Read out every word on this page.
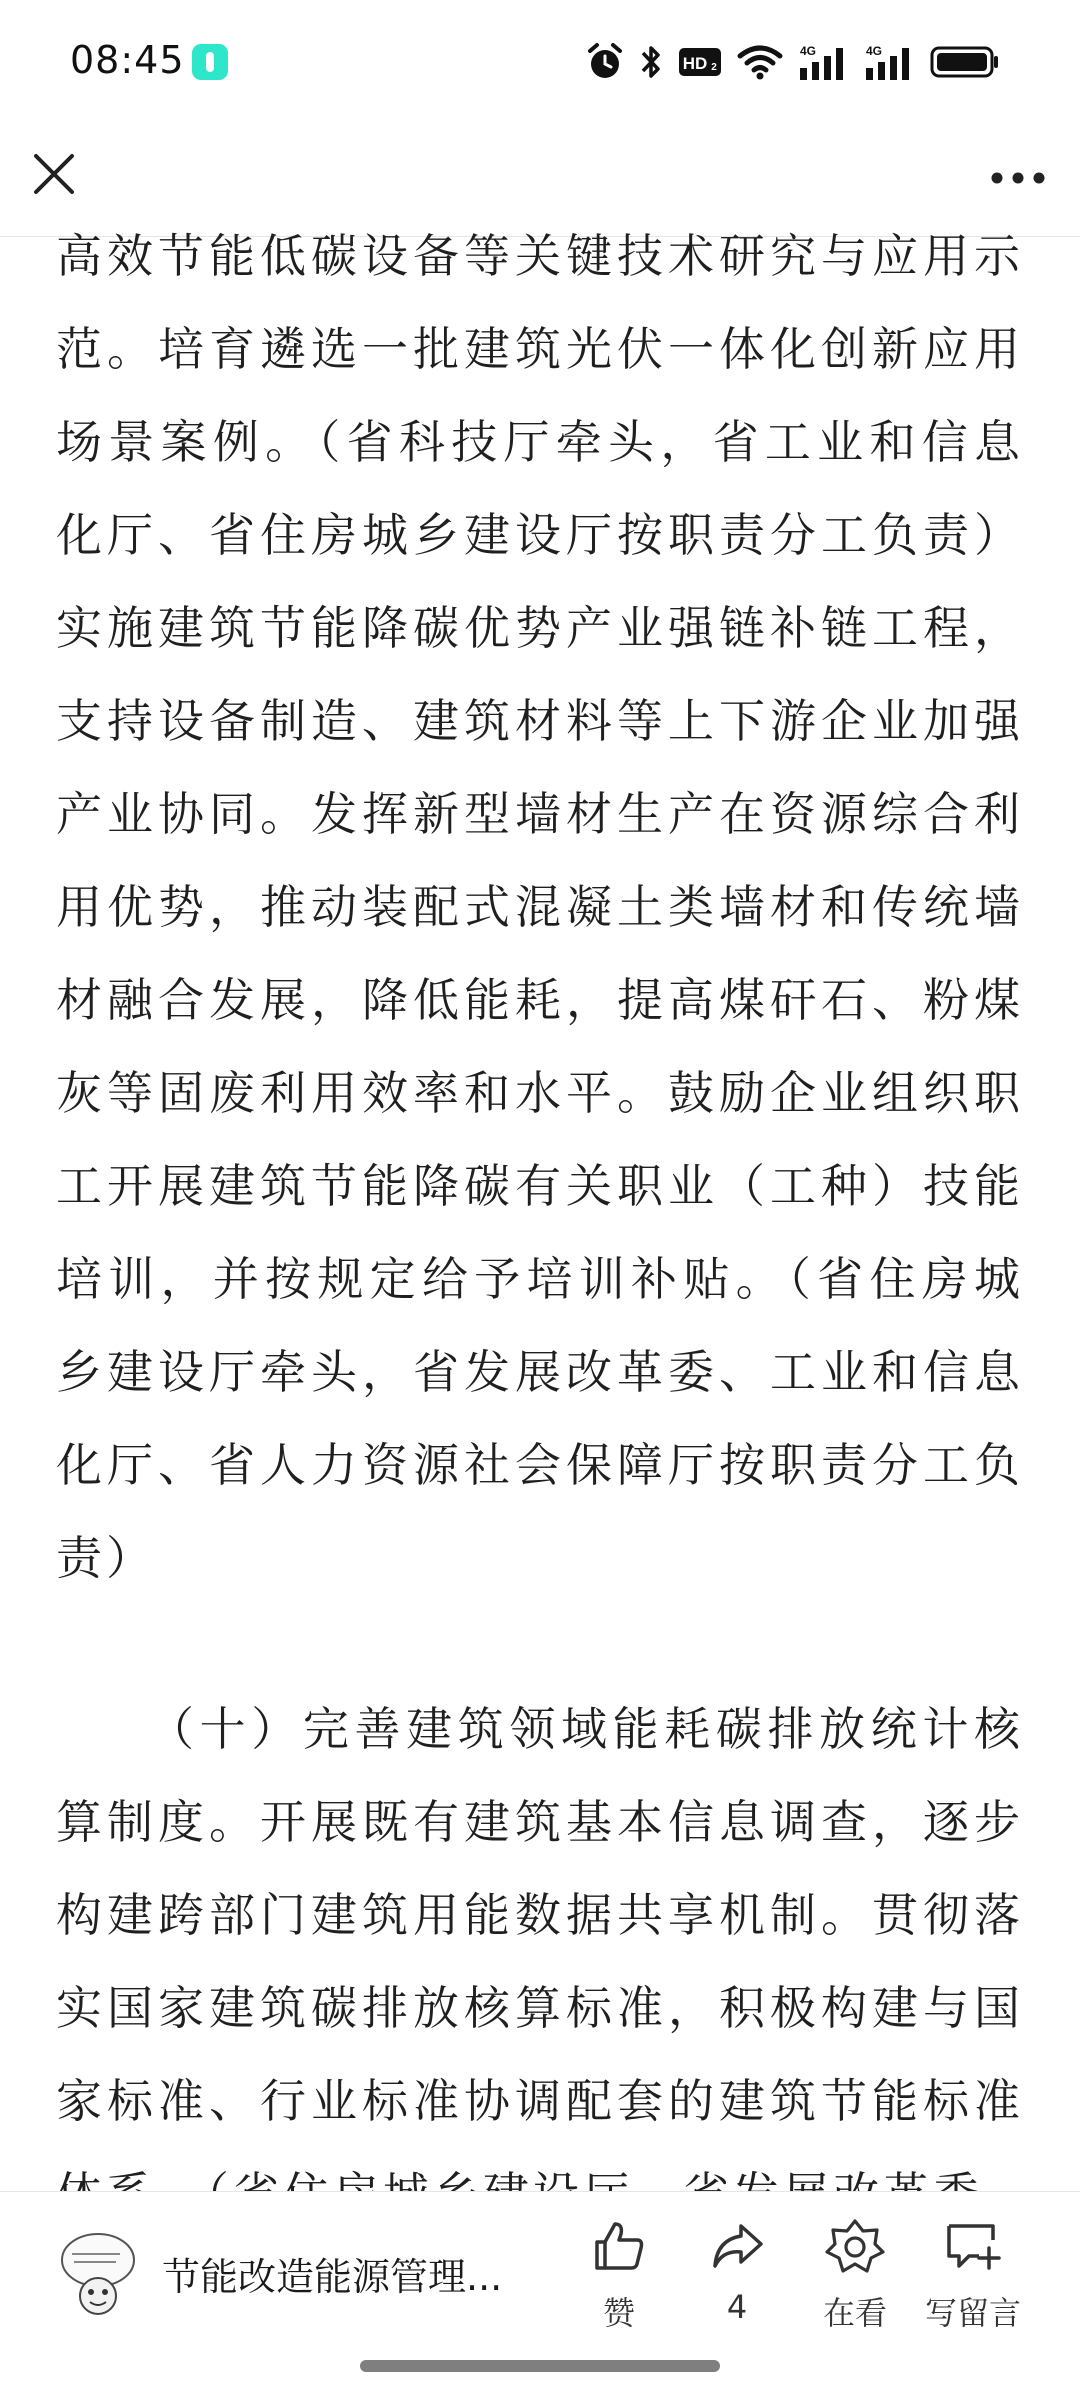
08:45	HD 2
4G	4G

高效节能低碳设备等关键技术研究与应用示范。培育遴选一批建筑光伏一体化创新应用场景案例。（省科技厅牵头，省工业和信息化厅、省住房城乡建设厅按职责分工负责）实施建筑节能降碳优势产业强链补链工程，支持设备制造、建筑材料等上下游企业加强产业协同。发挥新型墙材生产在资源综合利用优势，推动装配式混凝土类墙材和传统墙材融合发展，降低能耗，提高煤矸石、粉煤灰等固废利用效率和水平。鼓励企业组织职工开展建筑节能降碳有关职业（工种）技能培训，并按规定给予培训补贴。（省住房城乡建设厅牵头，省发展改革委、工业和信息化厅、省人力资源社会保障厅按职责分工负责）

（十）完善建筑领域能耗碳排放统计核算制度。开展既有建筑基本信息调查，逐步构建跨部门建筑用能数据共享机制。贯彻落实国家建筑碳排放核算标准，积极构建与国家标准、行业标准协调配套的建筑节能标准

节能改造能源管理...
赞	4	在看	写留言
